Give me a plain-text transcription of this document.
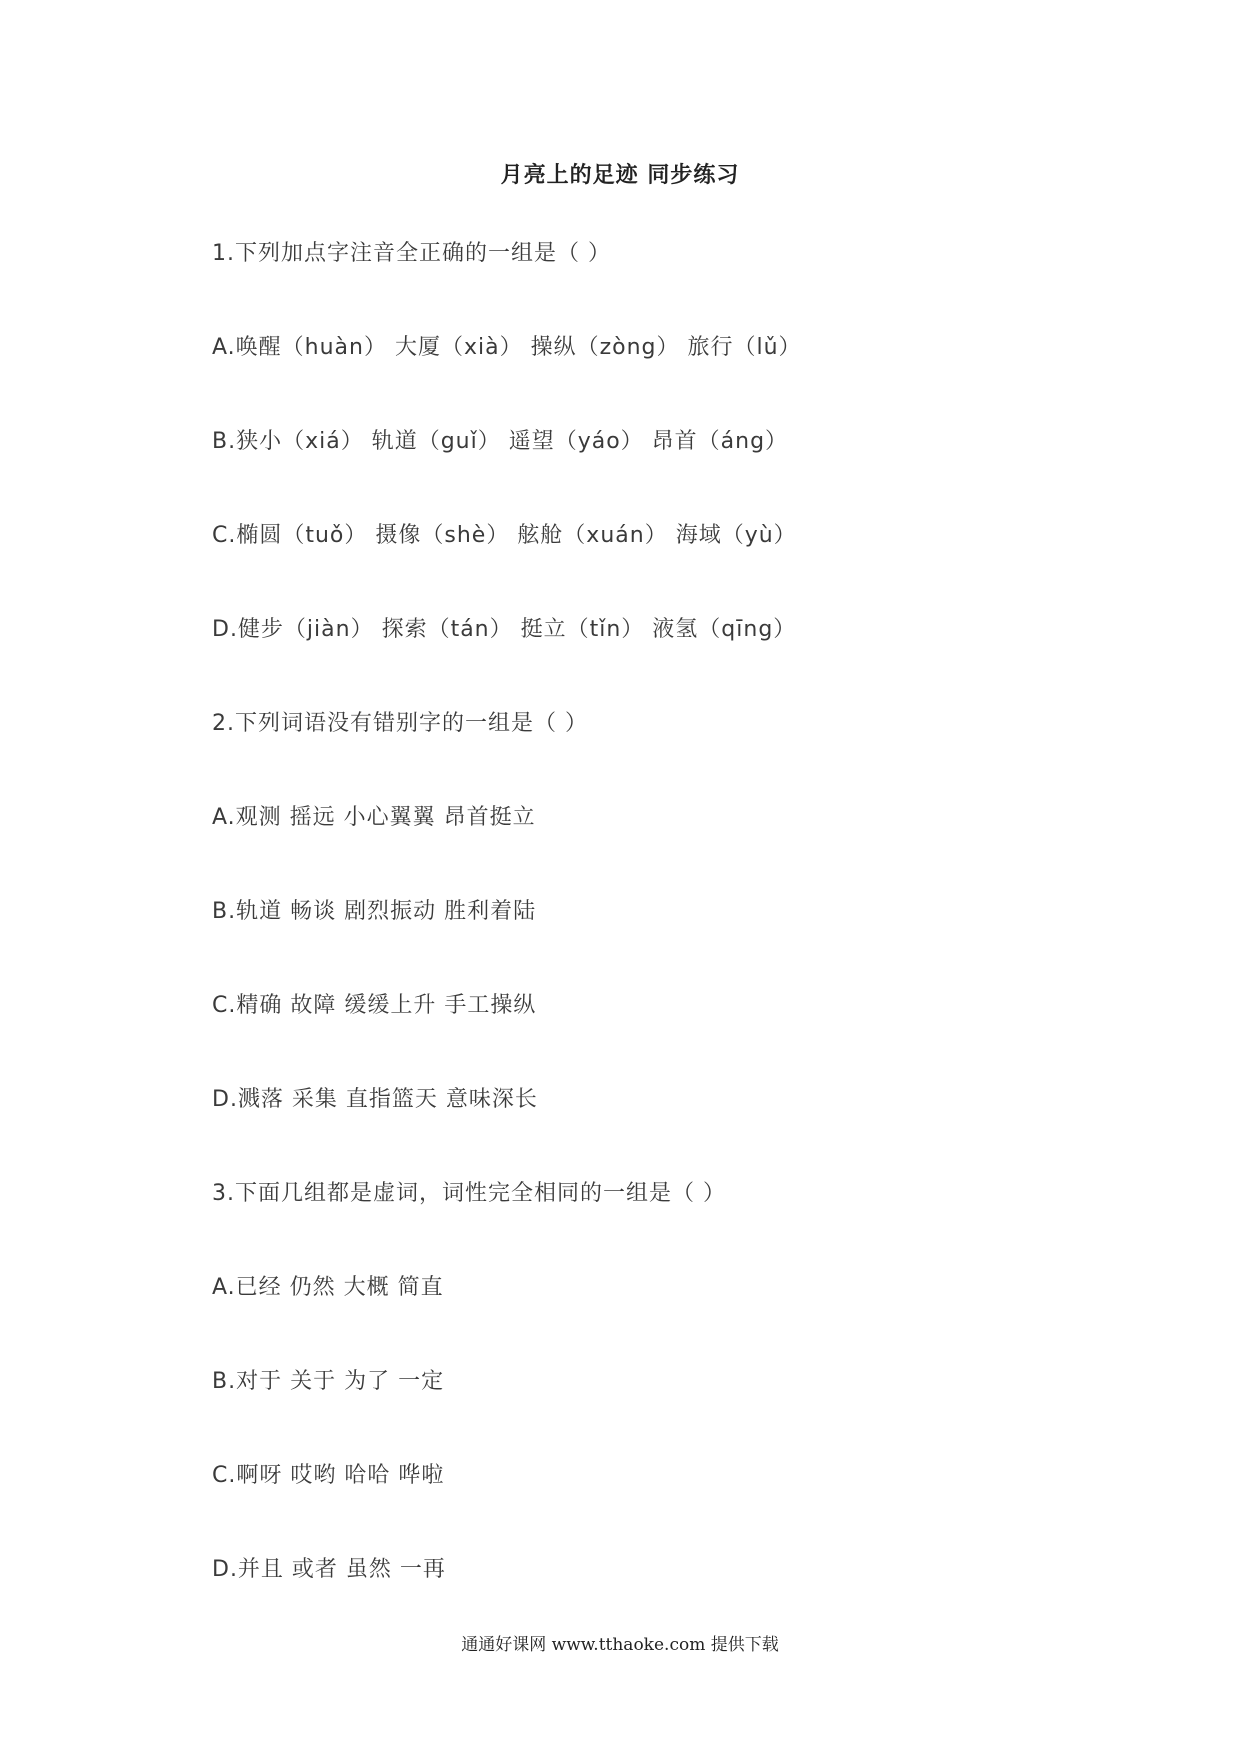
月亮上的足迹 同步练习
1.下列加点字注音全正确的一组是（ ）
A.唤醒（huàn） 大厦（xià） 操纵（zòng） 旅行（lǔ）
B.狭小（xiá） 轨道（guǐ） 遥望（yáo） 昂首（áng）
C.椭圆（tuǒ） 摄像（shè） 舷舱（xuán） 海域（yù）
D.健步（jiàn） 探索（tán） 挺立（tǐn） 液氢（qīng）
2.下列词语没有错别字的一组是（ ）
A.观测 摇远 小心翼翼 昂首挺立
B.轨道 畅谈 剧烈振动 胜利着陆
C.精确 故障 缓缓上升 手工操纵
D.溅落 采集 直指篮天 意味深长
3.下面几组都是虚词，词性完全相同的一组是（ ）
A.已经 仍然 大概 简直
B.对于 关于 为了 一定
C.啊呀 哎哟 哈哈 哗啦
D.并且 或者 虽然 一再
通通好课网 www.tthaoke.com 提供下载
